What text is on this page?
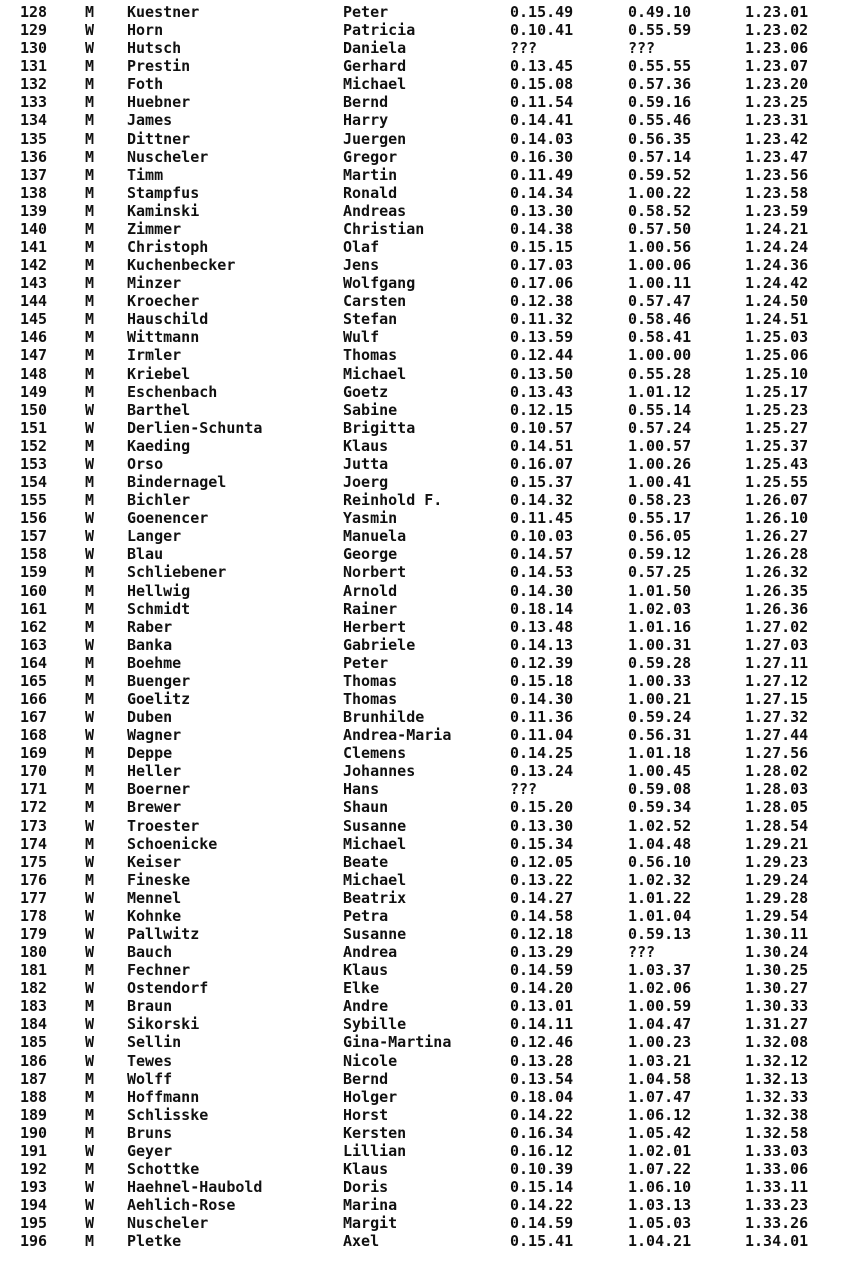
128	M Kuestner	Peter	0.15.49	0.49.10	1.23.01
129	W Horn	Patricia	0.10.41	0.55.59	1.23.02
130	W Hutsch	Daniela	???	???	1.23.06
131	M Prestin	Gerhard	0.13.45	0.55.55	1.23.07
132	M Foth	Michael	0.15.08	0.57.36	1.23.20
133	M Huebner	Bernd	0.11.54	0.59.16	1.23.25
134	M James	Harry	0.14.41	0.55.46	1.23.31
135	M Dittner	Juergen	0.14.03	0.56.35	1.23.42
136	M Nuscheler	Gregor	0.16.30	0.57.14	1.23.47
137	M Timm	Martin	0.11.49	0.59.52	1.23.56
138	M Stampfus	Ronald	0.14.34	1.00.22	1.23.58
139	M Kaminski	Andreas	0.13.30	0.58.52	1.23.59
140	M Zimmer	Christian	0.14.38	0.57.50	1.24.21
141	M Christoph	Olaf	0.15.15	1.00.56	1.24.24
142	M Kuchenbecker	Jens	0.17.03	1.00.06	1.24.36
143	M Minzer	Wolfgang	0.17.06	1.00.11	1.24.42
144	M Kroecher	Carsten	0.12.38	0.57.47	1.24.50
145	M Hauschild	Stefan	0.11.32	0.58.46	1.24.51
146	M Wittmann	Wulf	0.13.59	0.58.41	1.25.03
147	M Irmler	Thomas	0.12.44	1.00.00	1.25.06
148	M Kriebel	Michael	0.13.50	0.55.28	1.25.10
149	M Eschenbach	Goetz	0.13.43	1.01.12	1.25.17
150	W Barthel	Sabine	0.12.15	0.55.14	1.25.23
151	W Derlien-Schunta	Brigitta	0.10.57	0.57.24	1.25.27
152	M Kaeding	Klaus	0.14.51	1.00.57	1.25.37
153	W Orso	Jutta	0.16.07	1.00.26	1.25.43
154	M Bindernagel	Joerg	0.15.37	1.00.41	1.25.55
155	M Bichler	Reinhold F.	0.14.32	0.58.23	1.26.07
156	W Goenencer	Yasmin	0.11.45	0.55.17	1.26.10
157	W Langer	Manuela	0.10.03	0.56.05	1.26.27
158	W Blau	George	0.14.57	0.59.12	1.26.28
159	M Schliebener	Norbert	0.14.53	0.57.25	1.26.32
160	M Hellwig	Arnold	0.14.30	1.01.50	1.26.35
161	M Schmidt	Rainer	0.18.14	1.02.03	1.26.36
162	M Raber	Herbert	0.13.48	1.01.16	1.27.02
163	W Banka	Gabriele	0.14.13	1.00.31	1.27.03
164	M Boehme	Peter	0.12.39	0.59.28	1.27.11
165	M Buenger	Thomas	0.15.18	1.00.33	1.27.12
166	M Goelitz	Thomas	0.14.30	1.00.21	1.27.15
167	W Duben	Brunhilde	0.11.36	0.59.24	1.27.32
168	W Wagner	Andrea-Maria	0.11.04	0.56.31	1.27.44
169	M Deppe	Clemens	0.14.25	1.01.18	1.27.56
170	M Heller	Johannes	0.13.24	1.00.45	1.28.02
171	M Boerner	Hans	???	0.59.08	1.28.03
172	M Brewer	Shaun	0.15.20	0.59.34	1.28.05
173	W Troester	Susanne	0.13.30	1.02.52	1.28.54
174	M Schoenicke	Michael	0.15.34	1.04.48	1.29.21
175	W Keiser	Beate	0.12.05	0.56.10	1.29.23
176	M Fineske	Michael	0.13.22	1.02.32	1.29.24
177	W Mennel	Beatrix	0.14.27	1.01.22	1.29.28
178	W Kohnke	Petra	0.14.58	1.01.04	1.29.54
179	W Pallwitz	Susanne	0.12.18	0.59.13	1.30.11
180	W Bauch	Andrea	0.13.29	???	1.30.24
181	M Fechner	Klaus	0.14.59	1.03.37	1.30.25
182	W Ostendorf	Elke	0.14.20	1.02.06	1.30.27
183	M Braun	Andre	0.13.01	1.00.59	1.30.33
184	W Sikorski	Sybille	0.14.11	1.04.47	1.31.27
185	W Sellin	Gina-Martina	0.12.46	1.00.23	1.32.08
186	W Tewes	Nicole	0.13.28	1.03.21	1.32.12
187	M Wolff	Bernd	0.13.54	1.04.58	1.32.13
188	M Hoffmann	Holger	0.18.04	1.07.47	1.32.33
189	M Schlisske	Horst	0.14.22	1.06.12	1.32.38
190	M Bruns	Kersten	0.16.34	1.05.42	1.32.58
191	W Geyer	Lillian	0.16.12	1.02.01	1.33.03
192	M Schottke	Klaus	0.10.39	1.07.22	1.33.06
193	W Haehnel-Haubold	Doris	0.15.14	1.06.10	1.33.11
194	W Aehlich-Rose	Marina	0.14.22	1.03.13	1.33.23
195	W Nuscheler	Margit	0.14.59	1.05.03	1.33.26
196	M Pletke	Axel	0.15.41	1.04.21	1.34.01
